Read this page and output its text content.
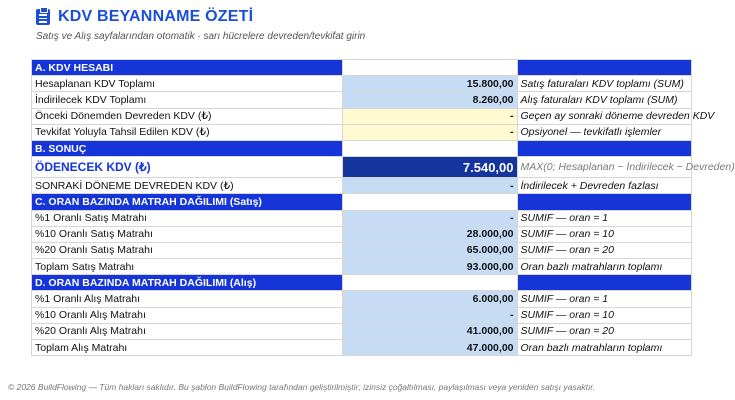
KDV BEYANNAME ÖZETİ
Satış ve Alış sayfalarından otomatik · sarı hücrelere devreden/tevkifat girin
A. KDV HESABI		
Hesaplanan KDV Toplamı	15.800,00	Satış faturaları KDV toplamı (SUM)
İndirilecek KDV Toplamı	8.260,00	Alış faturaları KDV toplamı (SUM)
Önceki Dönemden Devreden KDV (₺)	-	Geçen ay sonraki döneme devreden KDV
Tevkifat Yoluyla Tahsil Edilen KDV (₺)	-	Opsiyonel — tevkifatlı işlemler
B. SONUÇ		
ÖDENECEK KDV (₺)	7.540,00	MAX(0; Hesaplanan − İndirilecek − Devreden)
SONRAKİ DÖNEME DEVREDEN KDV (₺)	-	İndirilecek + Devreden fazlası
C. ORAN BAZINDA MATRAH DAĞILIMI (Satış)		
%1 Oranlı Satış Matrahı	-	SUMIF — oran = 1
%10 Oranlı Satış Matrahı	28.000,00	SUMIF — oran = 10
%20 Oranlı Satış Matrahı	65.000,00	SUMIF — oran = 20
Toplam Satış Matrahı	93.000,00	Oran bazlı matrahların toplamı
D. ORAN BAZINDA MATRAH DAĞILIMI (Alış)		
%1 Oranlı Alış Matrahı	6.000,00	SUMIF — oran = 1
%10 Oranlı Alış Matrahı	-	SUMIF — oran = 10
%20 Oranlı Alış Matrahı	41.000,00	SUMIF — oran = 20
Toplam Alış Matrahı	47.000,00	Oran bazlı matrahların toplamı
© 2026 BuildFlowing — Tüm hakları saklıdır. Bu şablon BuildFlowing tarafından geliştirilmiştir; izinsiz çoğaltılması, paylaşılması veya yeniden satışı yasaktır.
